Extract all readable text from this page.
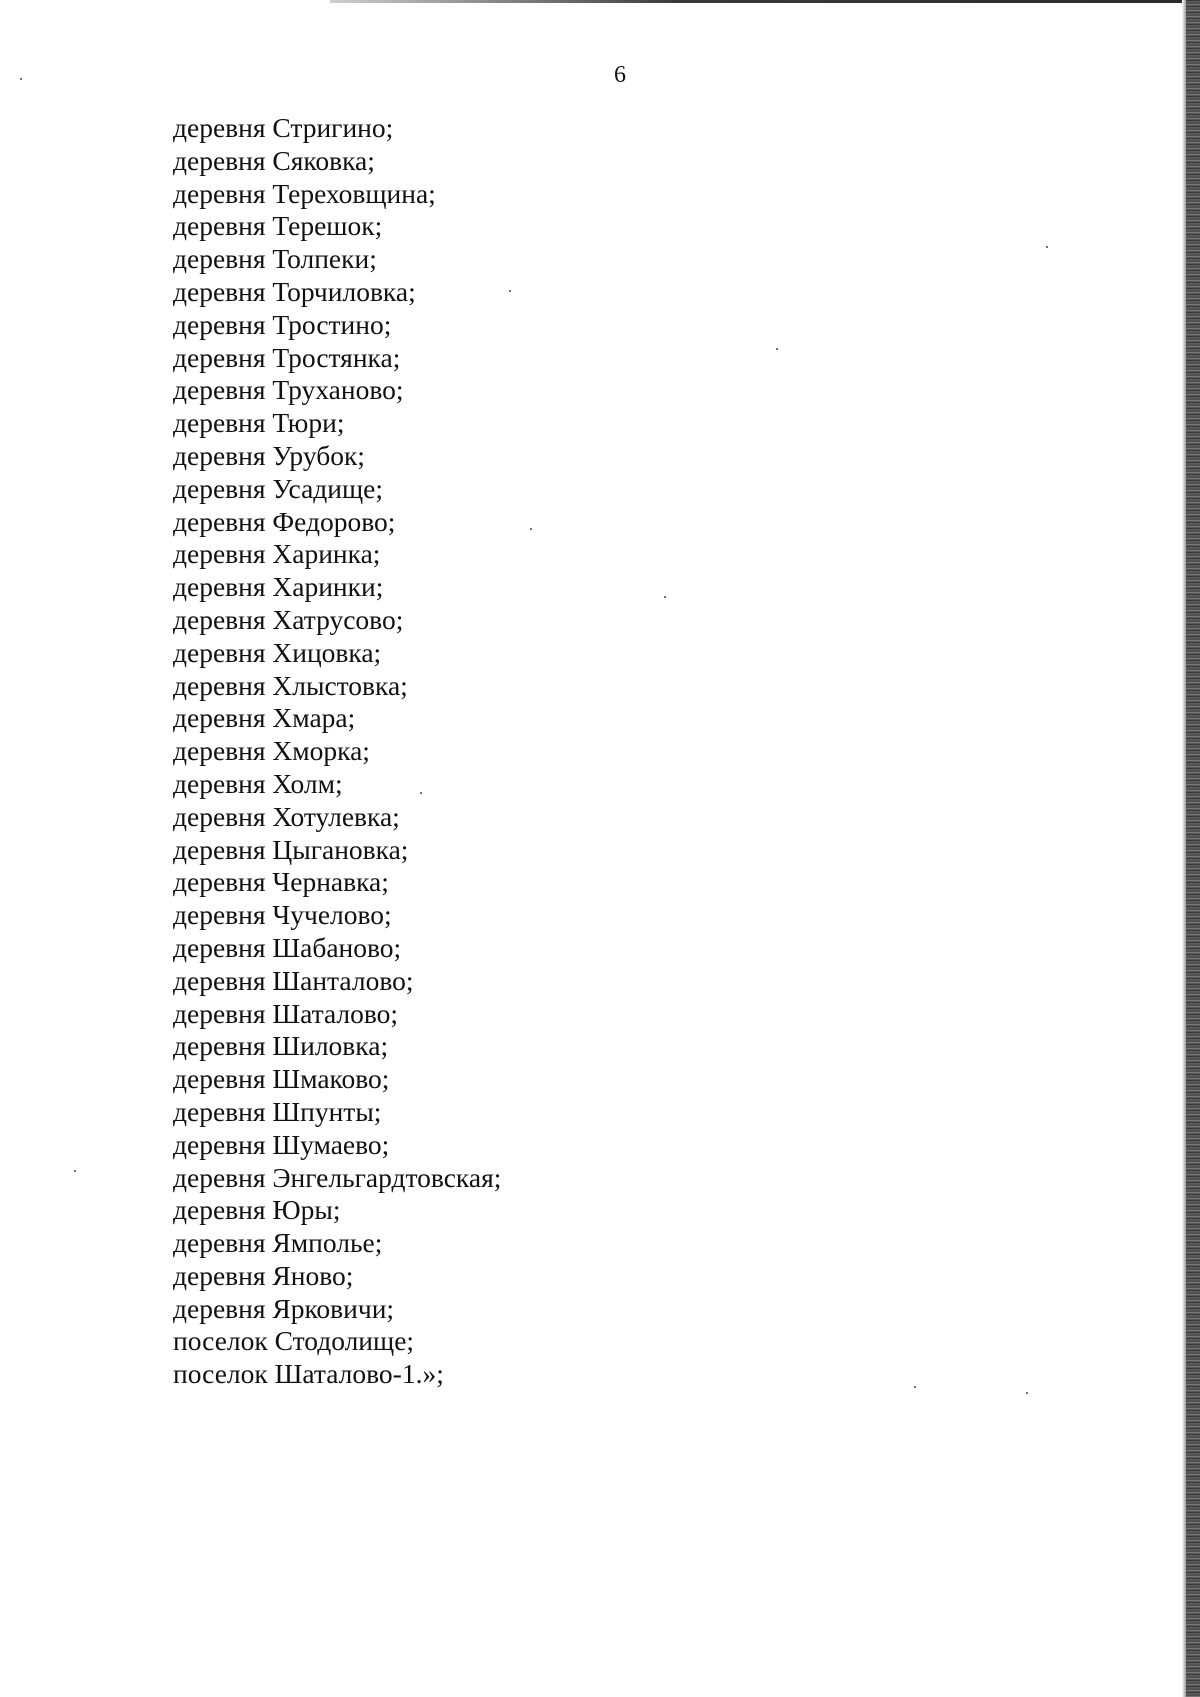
6
деревня Стригино;
деревня Сяковка;
деревня Тереховщина;
деревня Терешок;
деревня Толпеки;
деревня Торчиловка;
деревня Тростино;
деревня Тростянка;
деревня Труханово;
деревня Тюри;
деревня Урубок;
деревня Усадище;
деревня Федорово;
деревня Харинка;
деревня Харинки;
деревня Хатрусово;
деревня Хицовка;
деревня Хлыстовка;
деревня Хмара;
деревня Хморка;
деревня Холм;
деревня Хотулевка;
деревня Цыгановка;
деревня Чернавка;
деревня Чучелово;
деревня Шабаново;
деревня Шанталово;
деревня Шаталово;
деревня Шиловка;
деревня Шмаково;
деревня Шпунты;
деревня Шумаево;
деревня Энгельгардтовская;
деревня Юры;
деревня Ямполье;
деревня Яново;
деревня Ярковичи;
поселок Стодолище;
поселок Шаталово-1.»;
